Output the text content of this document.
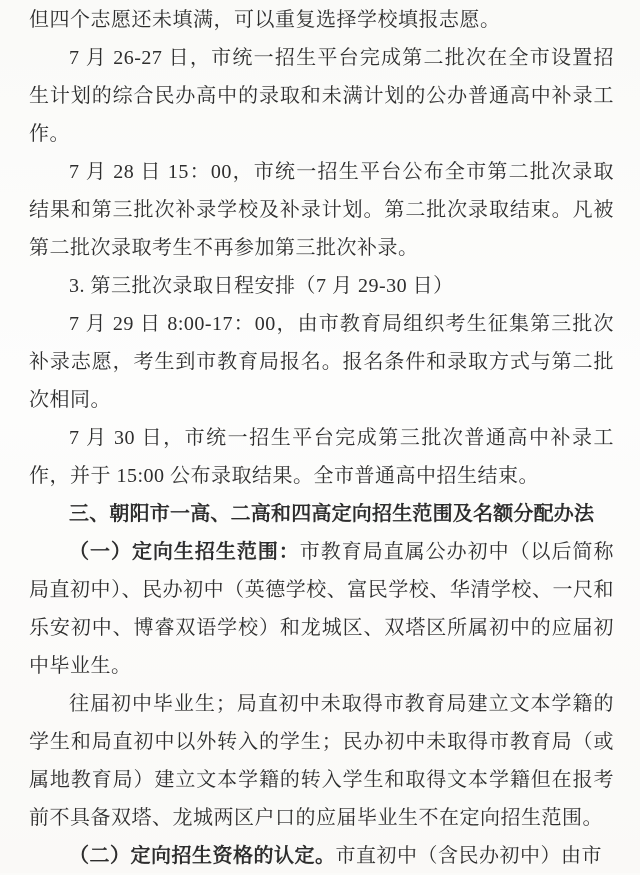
但四个志愿还未填满，可以重复选择学校填报志愿。

7 月 26-27 日，市统一招生平台完成第二批次在全市设置招生计划的综合民办高中的录取和未满计划的公办普通高中补录工作。

7 月 28 日 15：00，市统一招生平台公布全市第二批次录取结果和第三批次补录学校及补录计划。第二批次录取结束。凡被第二批次录取考生不再参加第三批次补录。

3. 第三批次录取日程安排（7 月 29-30 日）

7 月 29 日 8:00-17：00，由市教育局组织考生征集第三批次补录志愿，考生到市教育局报名。报名条件和录取方式与第二批次相同。

7 月 30 日，市统一招生平台完成第三批次普通高中补录工作，并于 15:00 公布录取结果。全市普通高中招生结束。

三、朝阳市一高、二高和四高定向招生范围及名额分配办法

（一）定向生招生范围：市教育局直属公办初中（以后简称局直初中）、民办初中（英德学校、富民学校、华清学校、一尺和乐安初中、博睿双语学校）和龙城区、双塔区所属初中的应届初中毕业生。

往届初中毕业生；局直初中未取得市教育局建立文本学籍的学生和局直初中以外转入的学生；民办初中未取得市教育局（或属地教育局）建立文本学籍的转入学生和取得文本学籍但在报考前不具备双塔、龙城两区户口的应届毕业生不在定向招生范围。

（二）定向招生资格的认定。市直初中（含民办初中）由市
